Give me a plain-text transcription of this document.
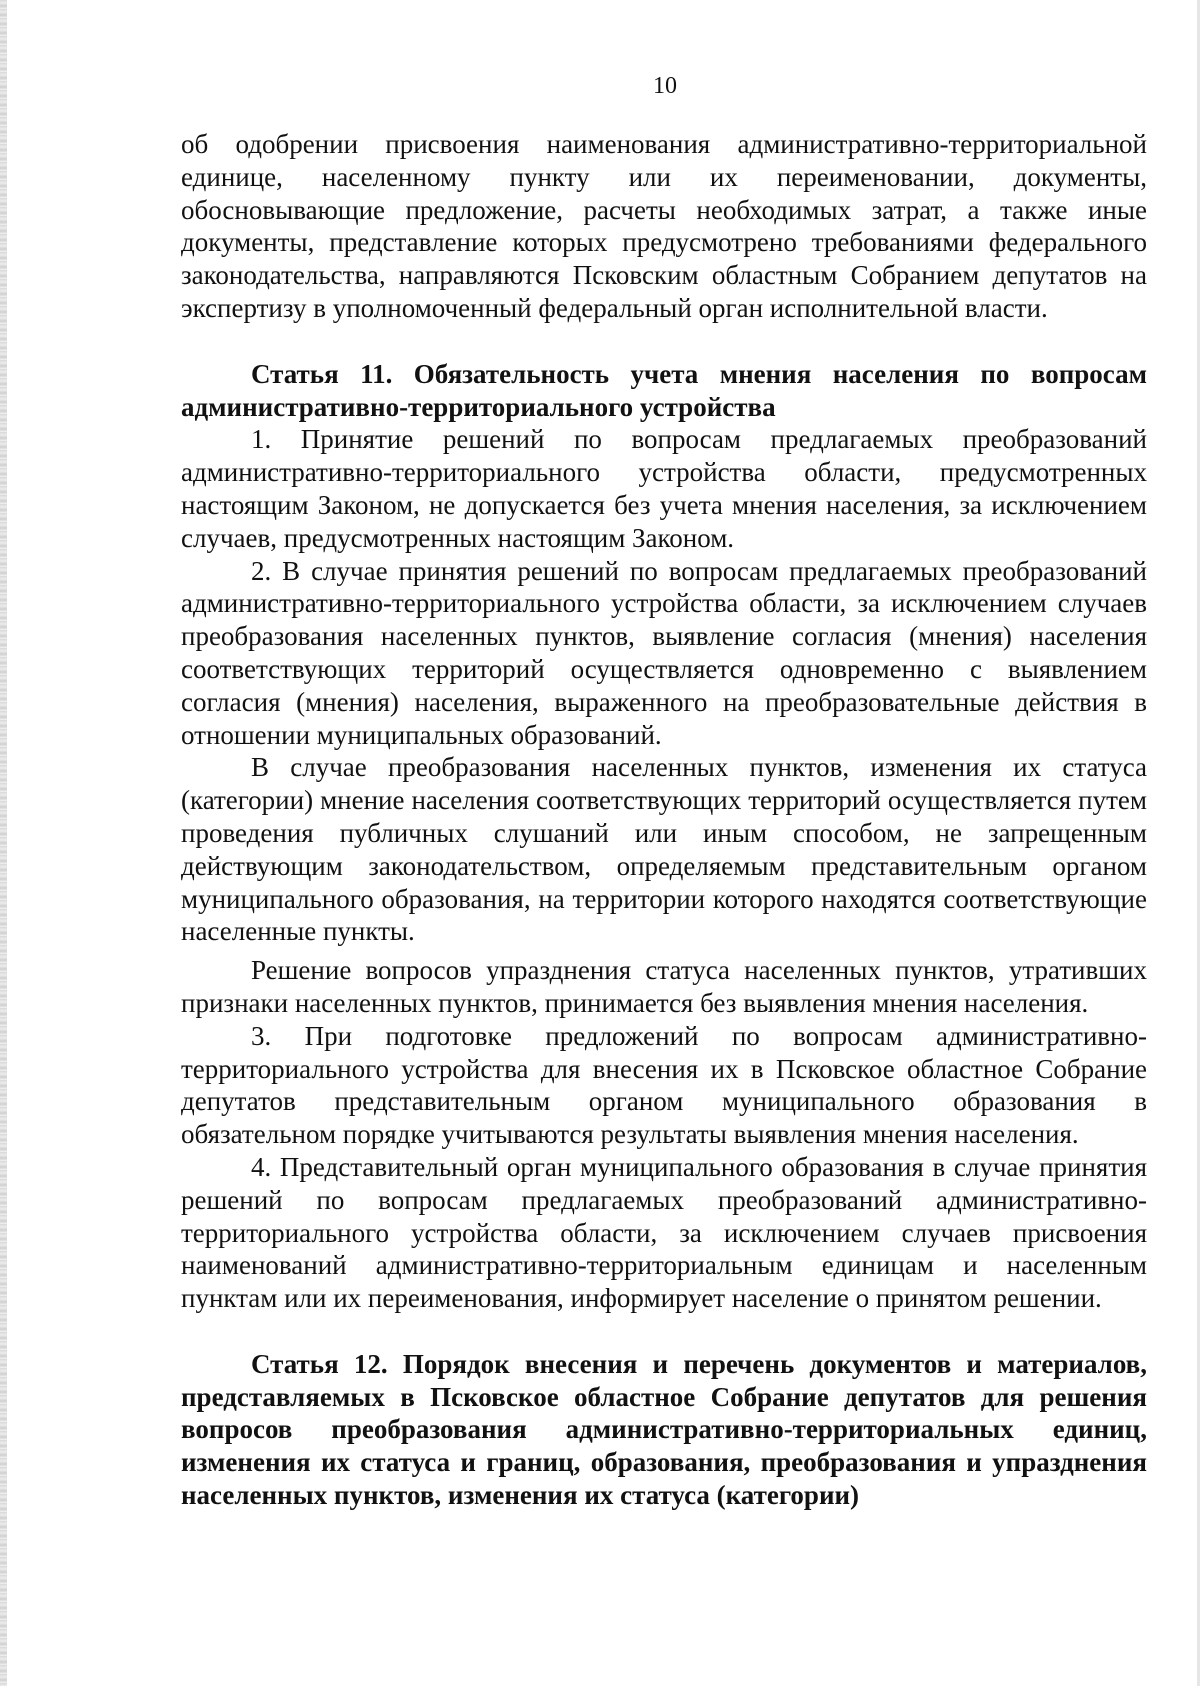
10

об одобрении присвоения наименования административно-территориальной единице, населенному пункту или их переименовании, документы, обосновывающие предложение, расчеты необходимых затрат, а также иные документы, представление которых предусмотрено требованиями федерального законодательства, направляются Псковским областным Собранием депутатов на экспертизу в уполномоченный федеральный орган исполнительной власти.

Статья 11. Обязательность учета мнения населения по вопросам административно-территориального устройства

1. Принятие решений по вопросам предлагаемых преобразований административно-территориального устройства области, предусмотренных настоящим Законом, не допускается без учета мнения населения, за исключением случаев, предусмотренных настоящим Законом.

2. В случае принятия решений по вопросам предлагаемых преобразований административно-территориального устройства области, за исключением случаев преобразования населенных пунктов, выявление согласия (мнения) населения соответствующих территорий осуществляется одновременно с выявлением согласия (мнения) населения, выраженного на преобразовательные действия в отношении муниципальных образований.

В случае преобразования населенных пунктов, изменения их статуса (категории) мнение населения соответствующих территорий осуществляется путем проведения публичных слушаний или иным способом, не запрещенным действующим законодательством, определяемым представительным органом муниципального образования, на территории которого находятся соответствующие населенные пункты.

Решение вопросов упразднения статуса населенных пунктов, утративших признаки населенных пунктов, принимается без выявления мнения населения.

3. При подготовке предложений по вопросам административно-территориального устройства для внесения их в Псковское областное Собрание депутатов представительным органом муниципального образования в обязательном порядке учитываются результаты выявления мнения населения.

4. Представительный орган муниципального образования в случае принятия решений по вопросам предлагаемых преобразований административно-территориального устройства области, за исключением случаев присвоения наименований административно-территориальным единицам и населенным пунктам или их переименования, информирует население о принятом решении.

Статья 12. Порядок внесения и перечень документов и материалов, представляемых в Псковское областное Собрание депутатов для решения вопросов преобразования административно-территориальных единиц, изменения их статуса и границ, образования, преобразования и упразднения населенных пунктов, изменения их статуса (категории)
